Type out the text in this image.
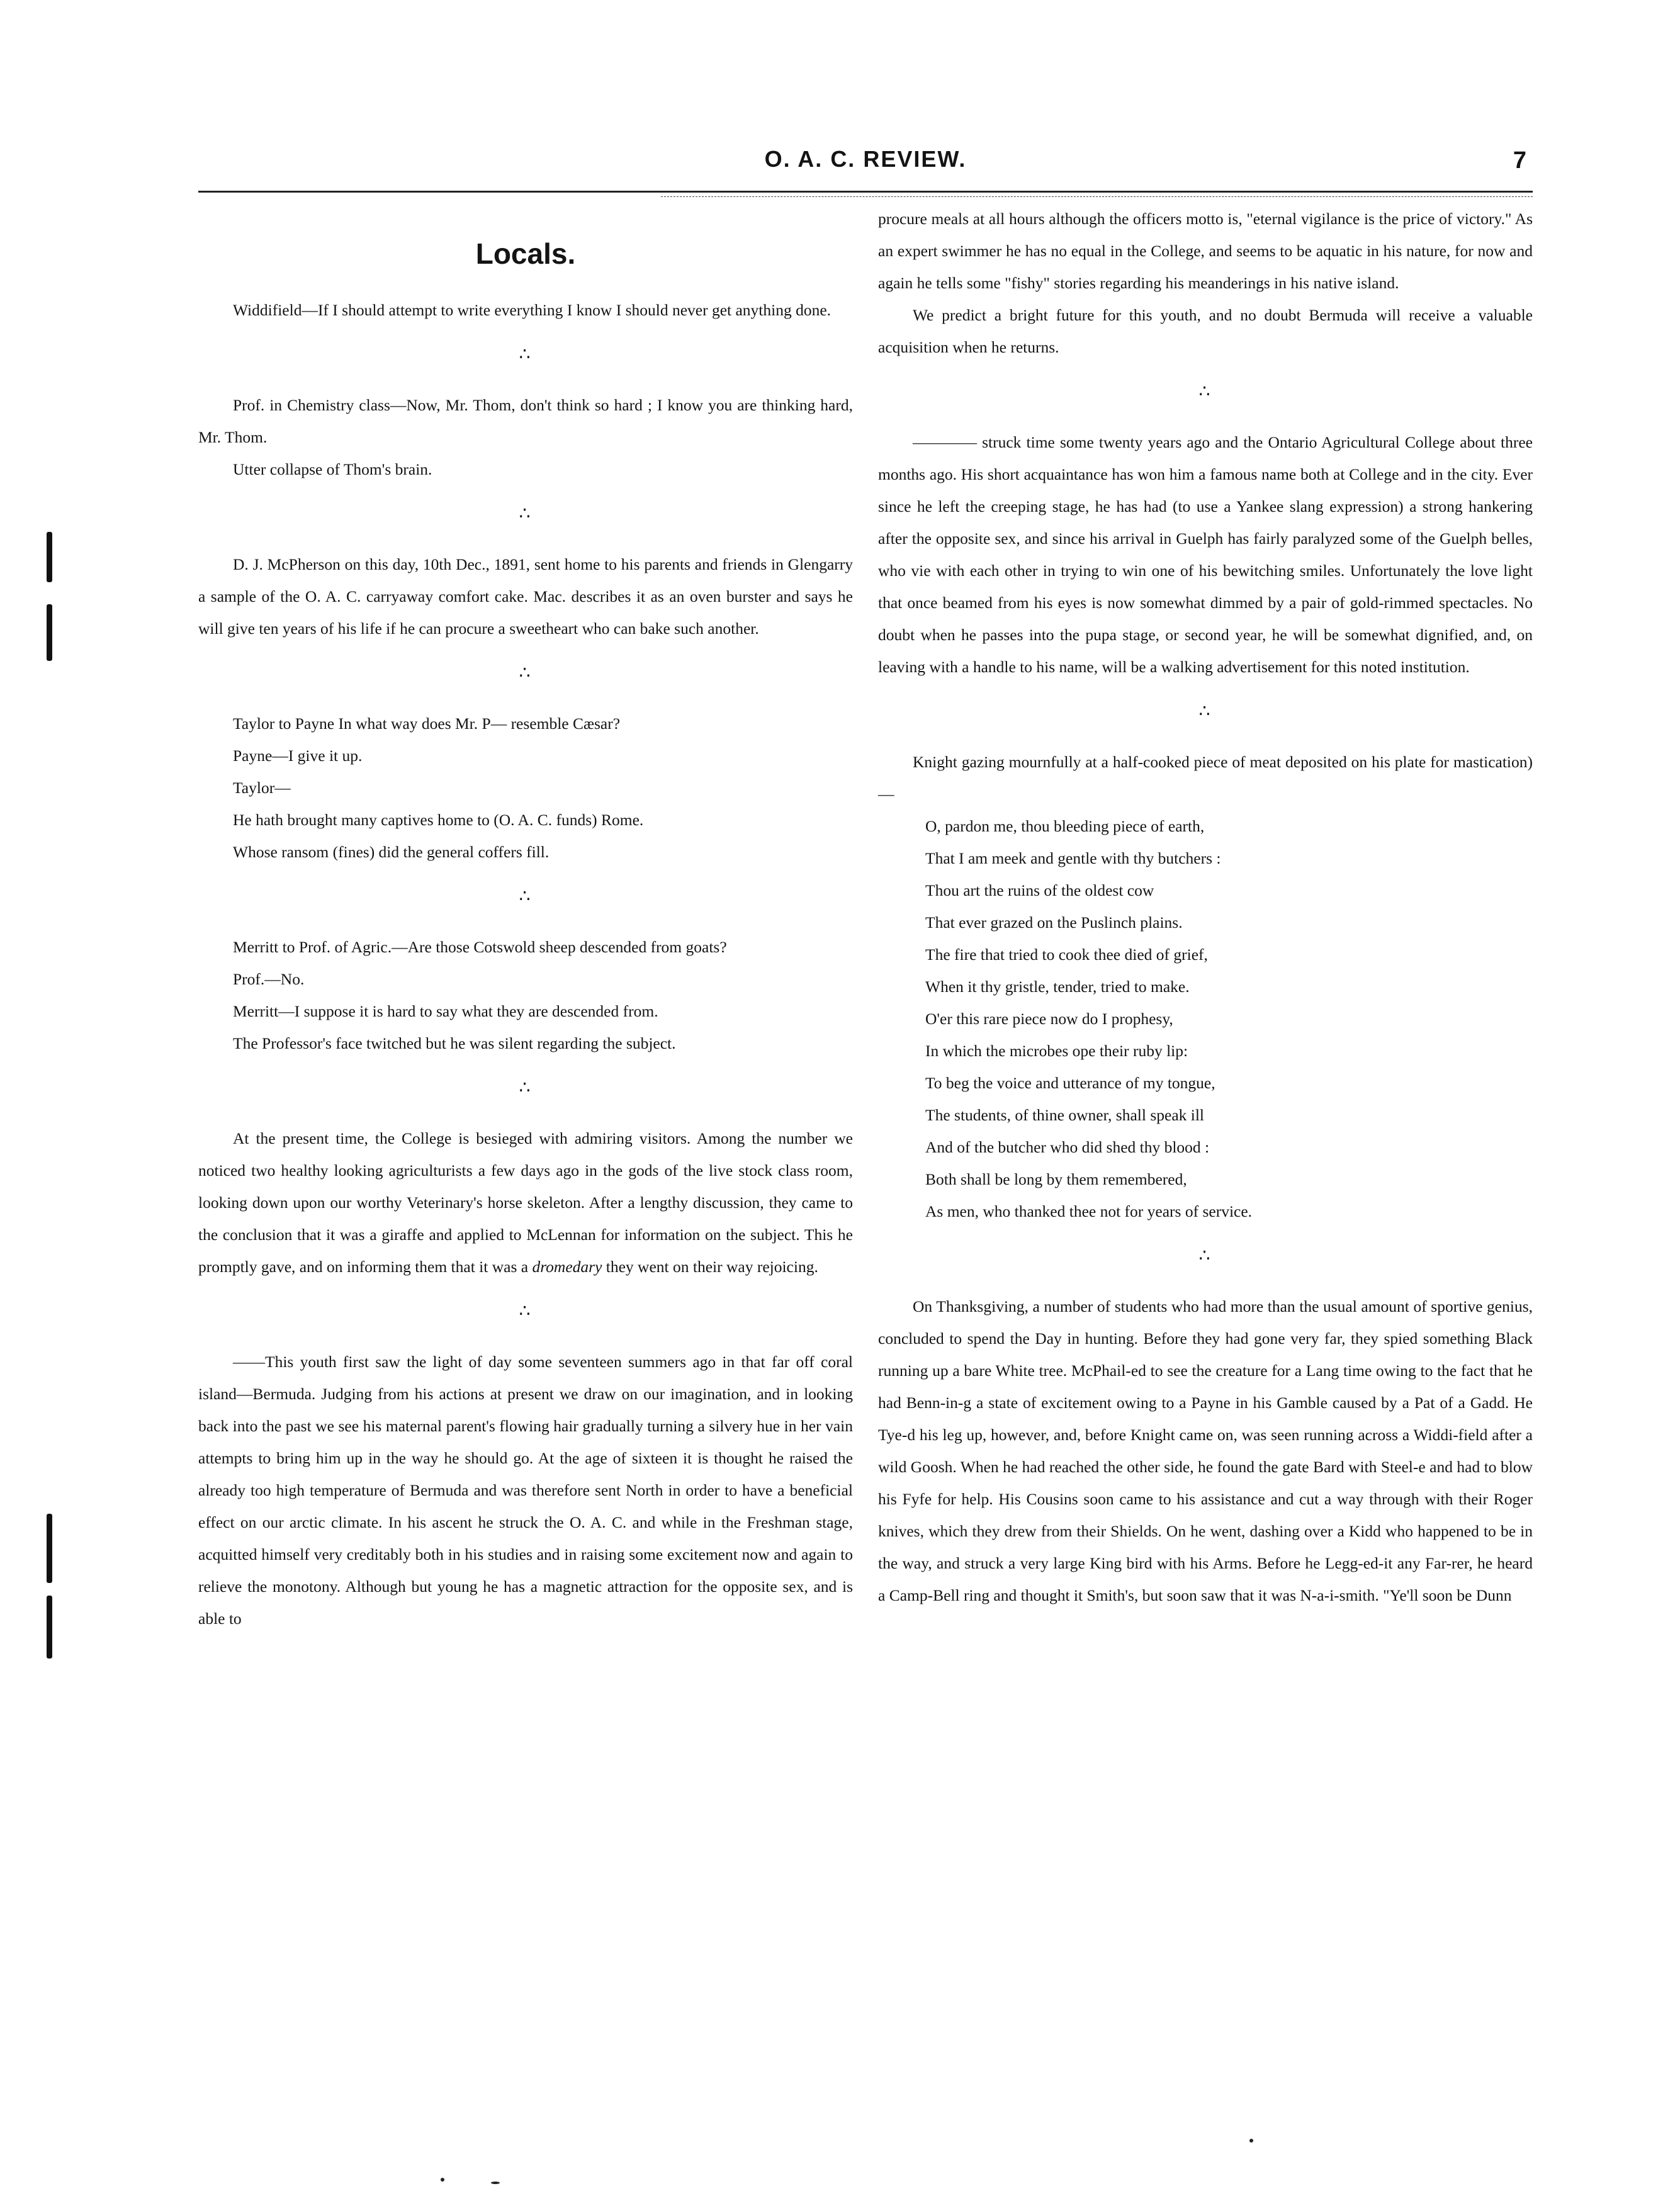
O. A. C. REVIEW.	7
Locals.

Widdifield—If I should attempt to write everything I know I should never get anything done.

∴

Prof. in Chemistry class—Now, Mr. Thom, don't think so hard ; I know you are thinking hard, Mr. Thom.

Utter collapse of Thom's brain.

∴

D. J. McPherson on this day, 10th Dec., 1891, sent home to his parents and friends in Glengarry a sample of the O. A. C. carryaway comfort cake. Mac. describes it as an oven burster and says he will give ten years of his life if he can procure a sweetheart who can bake such another.

∴

Taylor to Payne In what way does Mr. P— resemble Cæsar?

Payne—I give it up.

Taylor—

He hath brought many captives home to (O. A. C. funds) Rome.

Whose ransom (fines) did the general coffers fill.

∴

Merritt to Prof. of Agric.—Are those Cotswold sheep descended from goats?

Prof.—No.

Merritt—I suppose it is hard to say what they are descended from.

The Professor's face twitched but he was silent regarding the subject.

∴

At the present time, the College is besieged with admiring visitors. Among the number we noticed two healthy looking agriculturists a few days ago in the gods of the live stock class room, looking down upon our worthy Veterinary's horse skeleton. After a lengthy discussion, they came to the conclusion that it was a giraffe and applied to McLennan for information on the subject. This he promptly gave, and on informing them that it was a dromedary they went on their way rejoicing.

∴

——This youth first saw the light of day some seventeen summers ago in that far off coral island—Bermuda. Judging from his actions at present we draw on our imagination, and in looking back into the past we see his maternal parent's flowing hair gradually turning a silvery hue in her vain attempts to bring him up in the way he should go. At the age of sixteen it is thought he raised the already too high temperature of Bermuda and was therefore sent North in order to have a beneficial effect on our arctic climate. In his ascent he struck the O. A. C. and while in the Freshman stage, acquitted himself very creditably both in his studies and in raising some excitement now and again to relieve the monotony. Although but young he has a magnetic attraction for the opposite sex, and is able to

procure meals at all hours although the officers motto is, "eternal vigilance is the price of victory." As an expert swimmer he has no equal in the College, and seems to be aquatic in his nature, for now and again he tells some "fishy" stories regarding his meanderings in his native island.

We predict a bright future for this youth, and no doubt Bermuda will receive a valuable acquisition when he returns.

∴

———— struck time some twenty years ago and the Ontario Agricultural College about three months ago. His short acquaintance has won him a famous name both at College and in the city. Ever since he left the creeping stage, he has had (to use a Yankee slang expression) a strong hankering after the opposite sex, and since his arrival in Guelph has fairly paralyzed some of the Guelph belles, who vie with each other in trying to win one of his bewitching smiles. Unfortunately the love light that once beamed from his eyes is now somewhat dimmed by a pair of gold-rimmed spectacles. No doubt when he passes into the pupa stage, or second year, he will be somewhat dignified, and, on leaving with a handle to his name, will be a walking advertisement for this noted institution.

∴

Knight gazing mournfully at a half-cooked piece of meat deposited on his plate for mastication)—

O, pardon me, thou bleeding piece of earth,

That I am meek and gentle with thy butchers :

Thou art the ruins of the oldest cow

That ever grazed on the Puslinch plains.

The fire that tried to cook thee died of grief,

When it thy gristle, tender, tried to make.

O'er this rare piece now do I prophesy,

In which the microbes ope their ruby lip:

To beg the voice and utterance of my tongue,

The students, of thine owner, shall speak ill

And of the butcher who did shed thy blood :

Both shall be long by them remembered,

As men, who thanked thee not for years of service.

∴

On Thanksgiving, a number of students who had more than the usual amount of sportive genius, concluded to spend the Day in hunting. Before they had gone very far, they spied something Black running up a bare White tree. McPhail-ed to see the creature for a Lang time owing to the fact that he had Benn-in-g a state of excitement owing to a Payne in his Gamble caused by a Pat of a Gadd. He Tye-d his leg up, however, and, before Knight came on, was seen running across a Widdi-field after a wild Goosh. When he had reached the other side, he found the gate Bard with Steel-e and had to blow his Fyfe for help. His Cousins soon came to his assistance and cut a way through with their Roger knives, which they drew from their Shields. On he went, dashing over a Kidd who happened to be in the way, and struck a very large King bird with his Arms. Before he Legg-ed-it any Far-rer, he heard a Camp-Bell ring and thought it Smith's, but soon saw that it was N-a-i-smith. "Ye'll soon be Dunn
